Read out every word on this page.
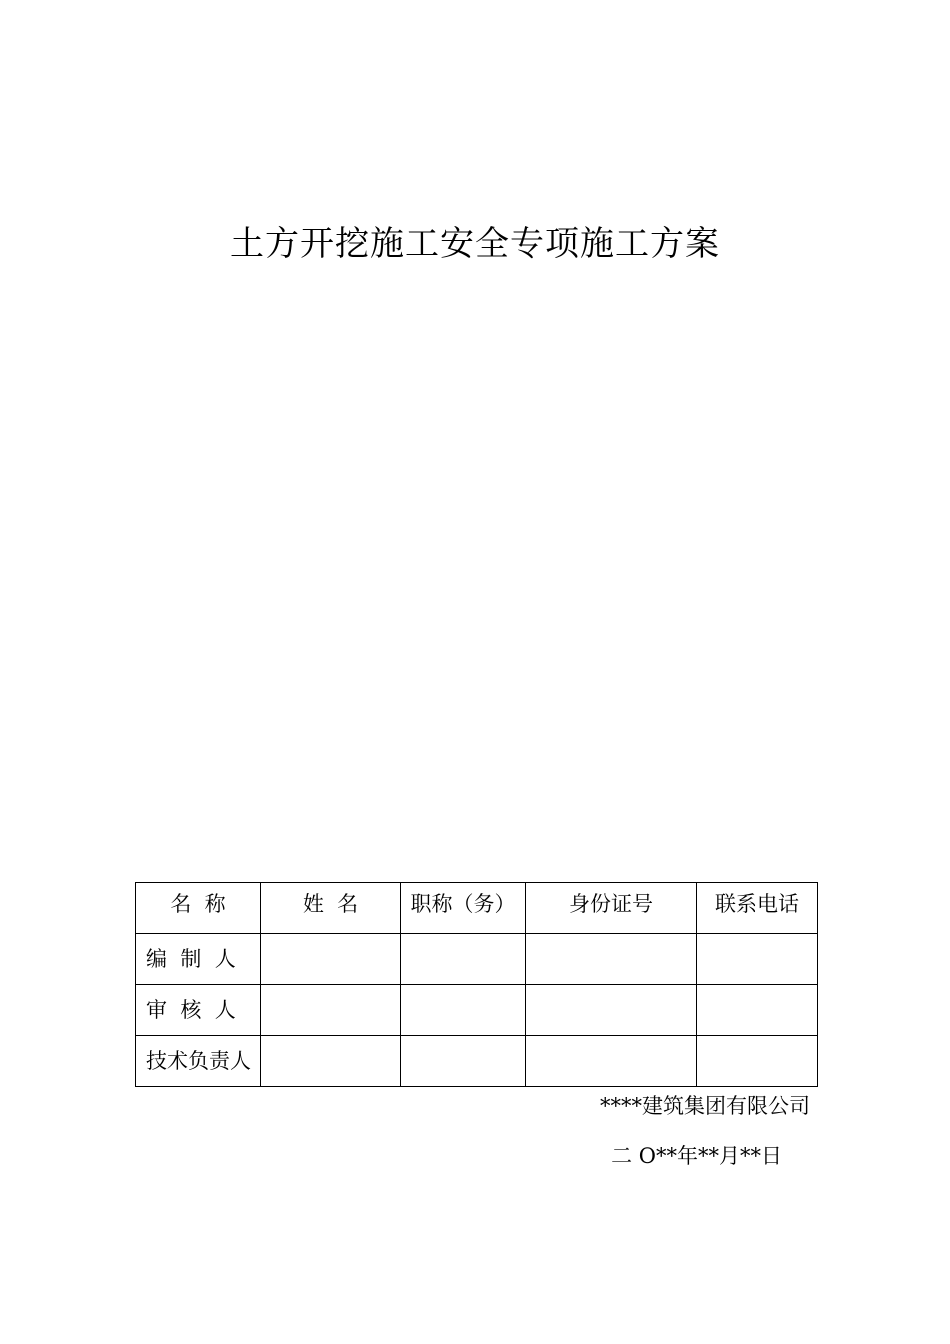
土方开挖施工安全专项施工方案
名  称	姓  名	职称（务）	身份证号	联系电话
编  制  人				
审  核  人				
技术负责人				
****建筑集团有限公司
二 O**年**月**日
